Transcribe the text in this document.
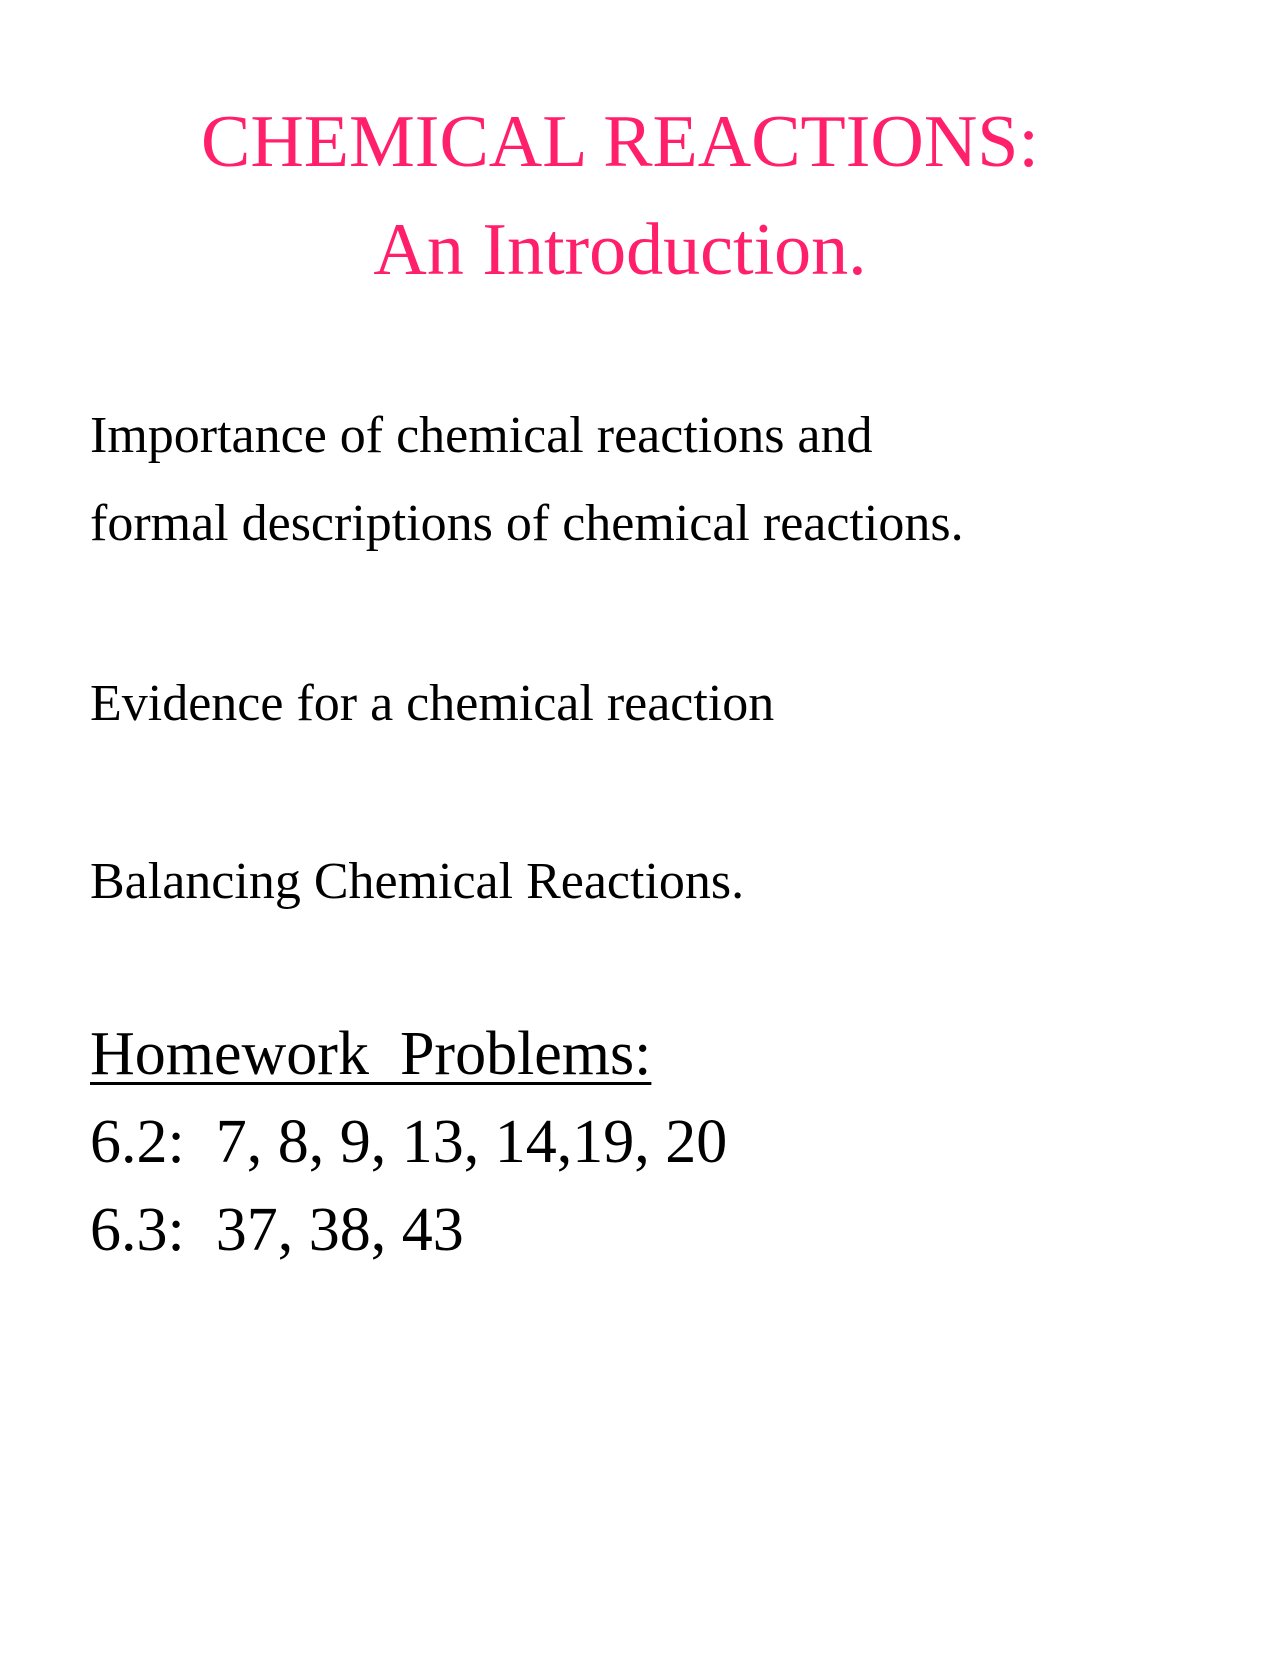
CHEMICAL REACTIONS:
An Introduction.
Importance of chemical reactions and
formal descriptions of chemical reactions.
Evidence for a chemical reaction
Balancing Chemical Reactions.
Homework  Problems:
6.2:  7, 8, 9, 13, 14,19, 20
6.3:  37, 38, 43
